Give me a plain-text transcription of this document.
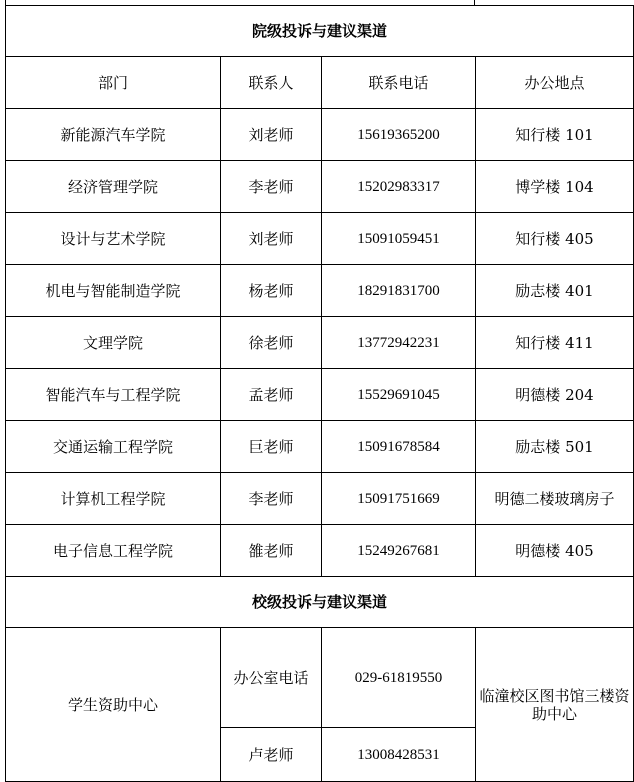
院级投诉与建议渠道			
部门	联系人	联系电话	办公地点
新能源汽车学院	刘老师	15619365200	知行楼 101
经济管理学院	李老师	15202983317	博学楼 104
设计与艺术学院	刘老师	15091059451	知行楼 405
机电与智能制造学院	杨老师	18291831700	励志楼 401
文理学院	徐老师	13772942231	知行楼 411
智能汽车与工程学院	孟老师	15529691045	明德楼 204
交通运输工程学院	巨老师	15091678584	励志楼 501
计算机工程学院	李老师	15091751669	明德二楼玻璃房子
电子信息工程学院	雒老师	15249267681	明德楼 405
校级投诉与建议渠道			
学生资助中心	办公室电话	029-61819550	临潼校区图书馆三楼资助中心
	卢老师	13008428531	
